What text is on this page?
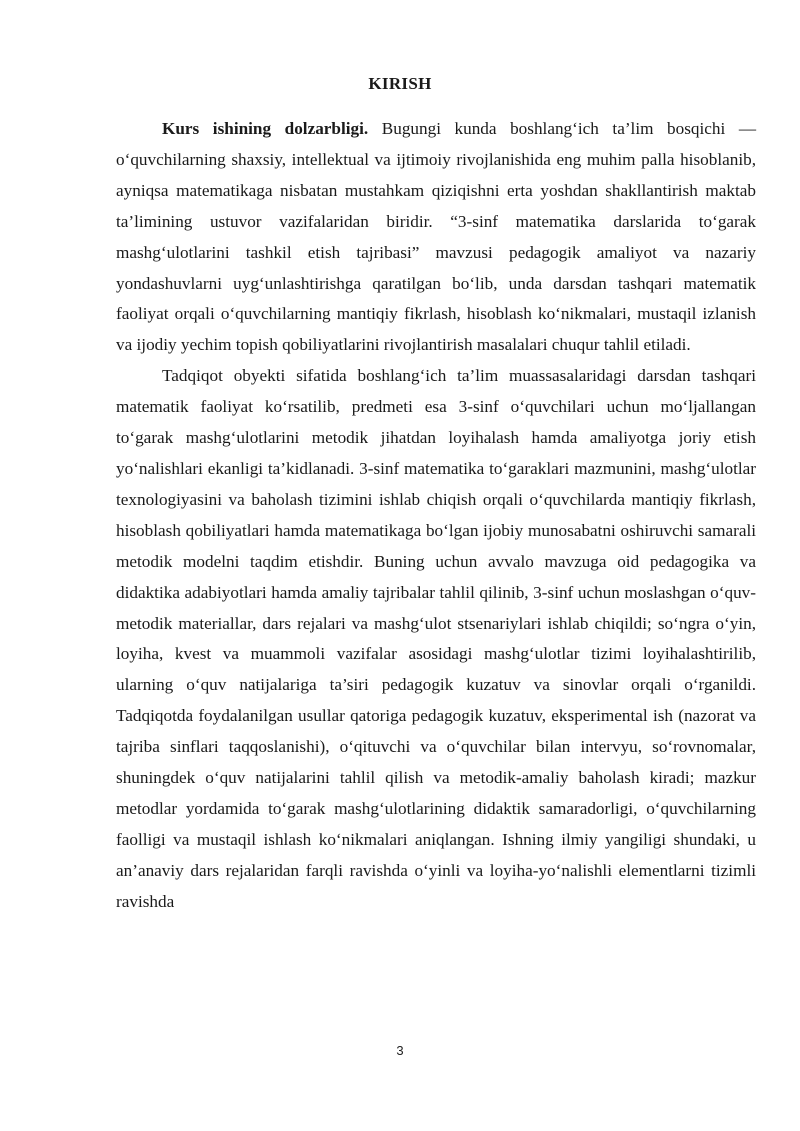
KIRISH

Kurs ishining dolzarbligi. Bugungi kunda boshlang‘ich ta’lim bosqichi — o‘quvchilarning shaxsiy, intellektual va ijtimoiy rivojlanishida eng muhim palla hisoblanib, ayniqsa matematikaga nisbatan mustahkam qiziqishni erta yoshdan shakllantirish maktab ta’limining ustuvor vazifalaridan biridir. “3-sinf matematika darslarida to‘garak mashg‘ulotlarini tashkil etish tajribasi” mavzusi pedagogik amaliyot va nazariy yondashuvlarni uyg‘unlashtirishga qaratilgan bo‘lib, unda darsdan tashqari matematik faoliyat orqali o‘quvchilarning mantiqiy fikrlash, hisoblash ko‘nikmalari, mustaqil izlanish va ijodiy yechim topish qobiliyatlarini rivojlantirish masalalari chuqur tahlil etiladi.

Tadqiqot obyekti sifatida boshlang‘ich ta’lim muassasalaridagi darsdan tashqari matematik faoliyat ko‘rsatilib, predmeti esa 3-sinf o‘quvchilari uchun mo‘ljallangan to‘garak mashg‘ulotlarini metodik jihatdan loyihalash hamda amaliyotga joriy etish yo‘nalishlari ekanligi ta’kidlanadi. 3-sinf matematika to‘garaklari mazmunini, mashg‘ulotlar texnologiyasini va baholash tizimini ishlab chiqish orqali o‘quvchilarda mantiqiy fikrlash, hisoblash qobiliyatlari hamda matematikaga bo‘lgan ijobiy munosabatni oshiruvchi samarali metodik modelni taqdim etishdir. Buning uchun avvalo mavzuga oid pedagogika va didaktika adabiyotlari hamda amaliy tajribalar tahlil qilinib, 3-sinf uchun moslashgan o‘quv-metodik materiallar, dars rejalari va mashg‘ulot stsenariylari ishlab chiqildi; so‘ngra o‘yin, loyiha, kvest va muammoli vazifalar asosidagi mashg‘ulotlar tizimi loyihalashtirilib, ularning o‘quv natijalariga ta’siri pedagogik kuzatuv va sinovlar orqali o‘rganildi. Tadqiqotda foydalanilgan usullar qatoriga pedagogik kuzatuv, eksperimental ish (nazorat va tajriba sinflari taqqoslanishi), o‘qituvchi va o‘quvchilar bilan intervyu, so‘rovnomalar, shuningdek o‘quv natijalarini tahlil qilish va metodik-amaliy baholash kiradi; mazkur metodlar yordamida to‘garak mashg‘ulotlarining didaktik samaradorligi, o‘quvchilarning faolligi va mustaqil ishlash ko‘nikmalari aniqlangan. Ishning ilmiy yangiligi shundaki, u an’anaviy dars rejalaridan farqli ravishda o‘yinli va loyiha-yo‘nalishli elementlarni tizimli ravishda

3
